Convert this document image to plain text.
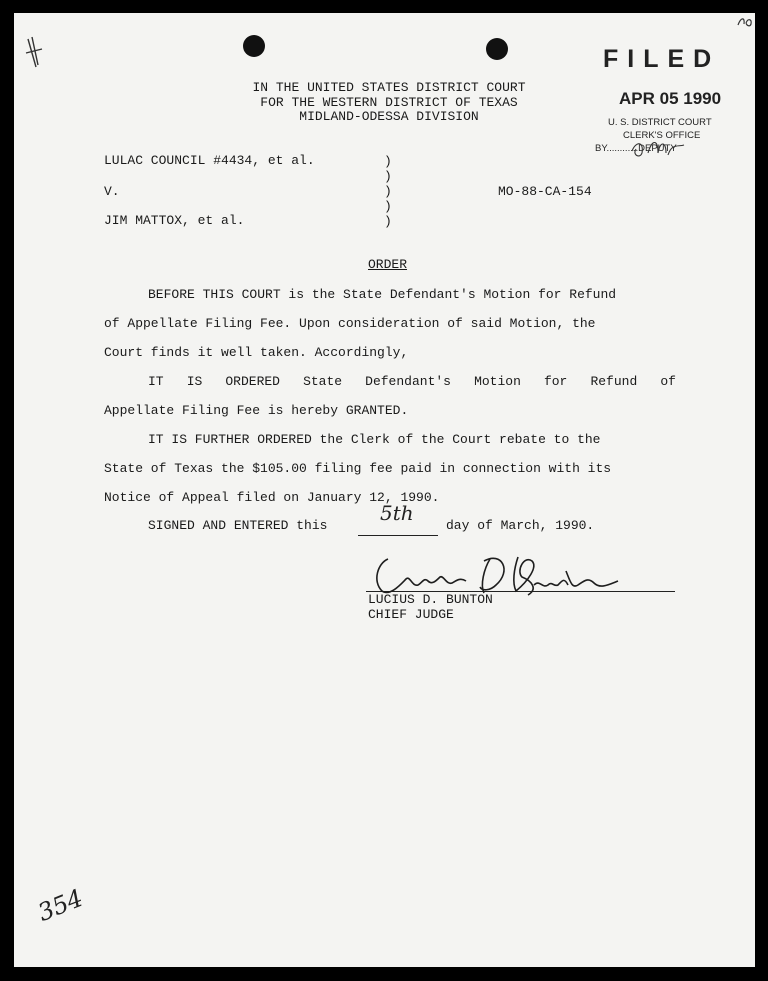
FILED
APR 05 1990
U. S. DISTRICT COURT
CLERK'S OFFICE
BY............DEPUTY
IN THE UNITED STATES DISTRICT COURT
FOR THE WESTERN DISTRICT OF TEXAS
MIDLAND-ODESSA DIVISION
LULAC COUNCIL #4434, et al.
V.
JIM MATTOX, et al.
)
)
)
)
)
MO-88-CA-154
ORDER
BEFORE THIS COURT is the State Defendant's Motion for Refund
of Appellate Filing Fee. Upon consideration of said Motion, the
Court finds it well taken. Accordingly,
IT IS ORDERED State Defendant's Motion for Refund of
Appellate Filing Fee is hereby GRANTED.
IT IS FURTHER ORDERED the Clerk of the Court rebate to the
State of Texas the $105.00 filing fee paid in connection with its
Notice of Appeal filed on January 12, 1990.
SIGNED AND ENTERED this
5th
day of March, 1990.
LUCIUS D. BUNTON
CHIEF JUDGE
354
